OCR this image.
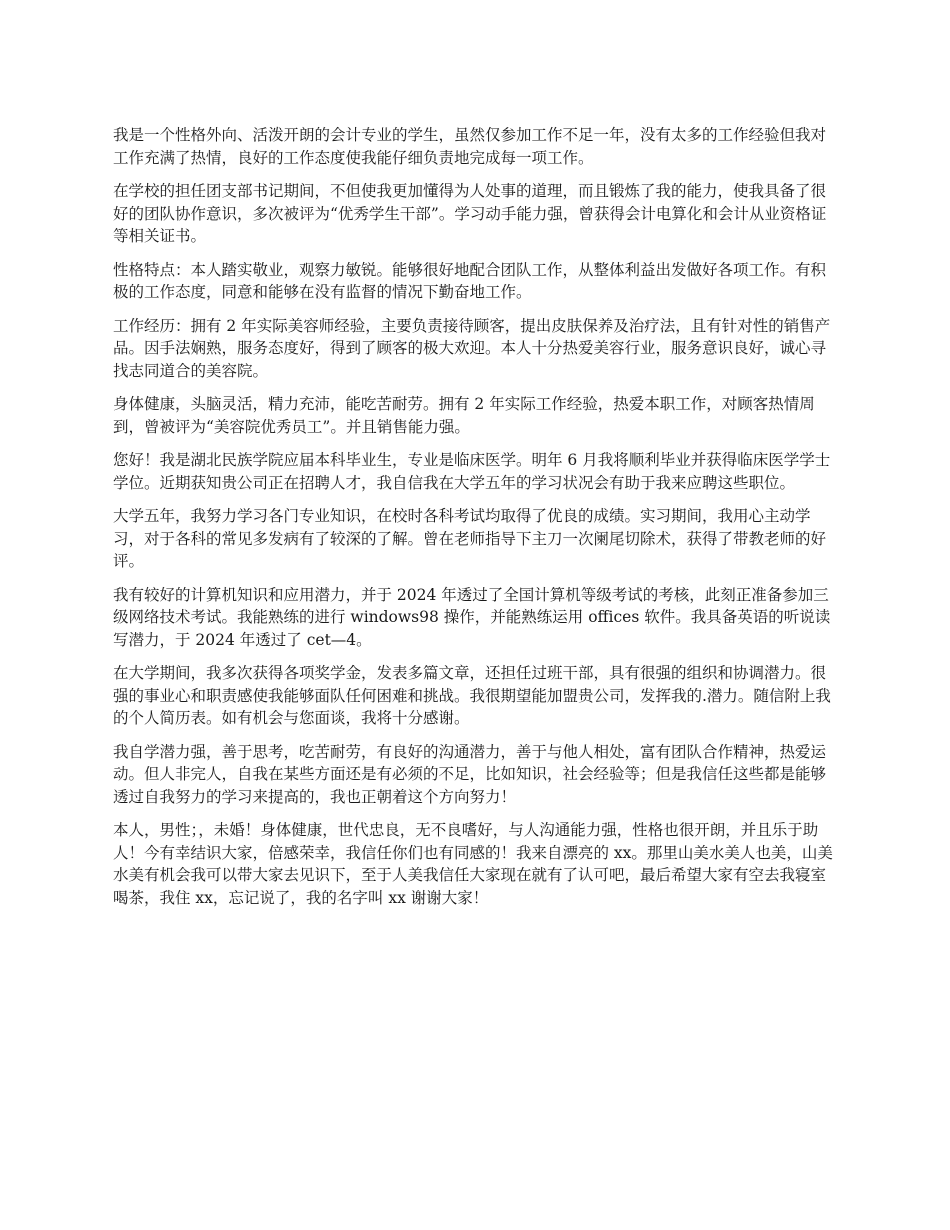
我是一个性格外向、活泼开朗的会计专业的学生，虽然仅参加工作不足一年，没有太多的工作经验但我对工作充满了热情，良好的工作态度使我能仔细负责地完成每一项工作。

在学校的担任团支部书记期间，不但使我更加懂得为人处事的道理，而且锻炼了我的能力，使我具备了很好的团队协作意识，多次被评为“优秀学生干部”。学习动手能力强，曾获得会计电算化和会计从业资格证等相关证书。

性格特点：本人踏实敬业，观察力敏锐。能够很好地配合团队工作，从整体利益出发做好各项工作。有积极的工作态度，同意和能够在没有监督的情况下勤奋地工作。

工作经历：拥有 2 年实际美容师经验，主要负责接待顾客，提出皮肤保养及治疗法，且有针对性的销售产品。因手法娴熟，服务态度好，得到了顾客的极大欢迎。本人十分热爱美容行业，服务意识良好，诚心寻找志同道合的美容院。

身体健康，头脑灵活，精力充沛，能吃苦耐劳。拥有 2 年实际工作经验，热爱本职工作，对顾客热情周到，曾被评为“美容院优秀员工”。并且销售能力强。

您好！我是湖北民族学院应届本科毕业生，专业是临床医学。明年 6 月我将顺利毕业并获得临床医学学士学位。近期获知贵公司正在招聘人才，我自信我在大学五年的学习状况会有助于我来应聘这些职位。

大学五年，我努力学习各门专业知识，在校时各科考试均取得了优良的成绩。实习期间，我用心主动学习，对于各科的常见多发病有了较深的了解。曾在老师指导下主刀一次阑尾切除术，获得了带教老师的好评。

我有较好的计算机知识和应用潜力，并于 2024 年透过了全国计算机等级考试的考核，此刻正准备参加三级网络技术考试。我能熟练的进行 windows98 操作，并能熟练运用 offices 软件。我具备英语的听说读写潜力，于 2024 年透过了 cet—4。

在大学期间，我多次获得各项奖学金，发表多篇文章，还担任过班干部，具有很强的组织和协调潜力。很强的事业心和职责感使我能够面队任何困难和挑战。我很期望能加盟贵公司，发挥我的.潜力。随信附上我的个人简历表。如有机会与您面谈，我将十分感谢。

我自学潜力强，善于思考，吃苦耐劳，有良好的沟通潜力，善于与他人相处，富有团队合作精神，热爱运动。但人非完人，自我在某些方面还是有必须的不足，比如知识，社会经验等；但是我信任这些都是能够透过自我努力的学习来提高的，我也正朝着这个方向努力！

本人，男性；，未婚！身体健康，世代忠良，无不良嗜好，与人沟通能力强，性格也很开朗，并且乐于助人！今有幸结识大家，倍感荣幸，我信任你们也有同感的！我来自漂亮的 xx。那里山美水美人也美，山美水美有机会我可以带大家去见识下，至于人美我信任大家现在就有了认可吧，最后希望大家有空去我寝室喝茶，我住 xx，忘记说了，我的名字叫 xx 谢谢大家！
